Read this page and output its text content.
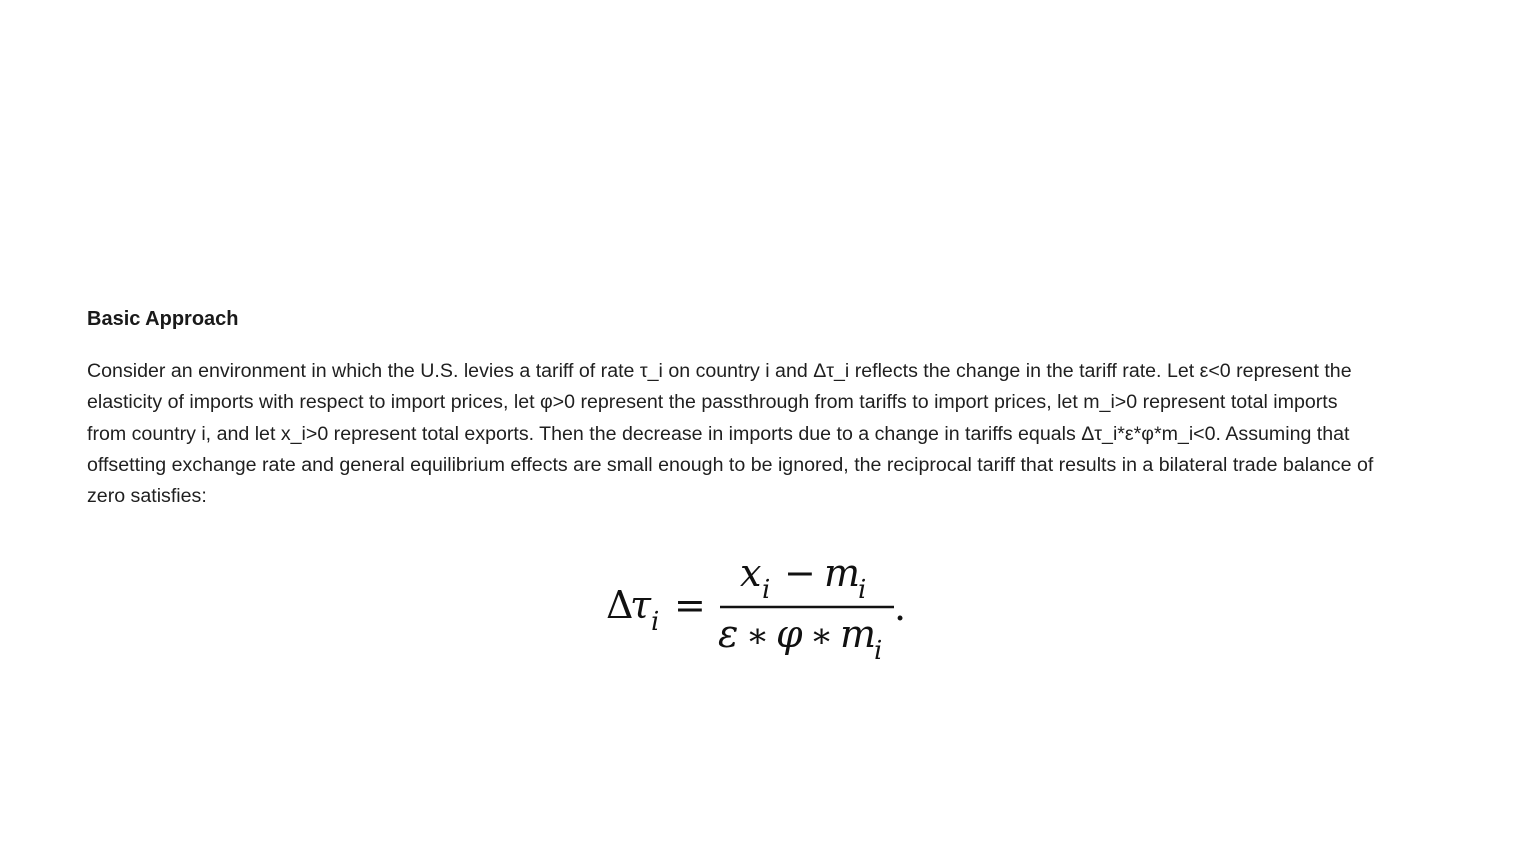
Basic Approach
Consider an environment in which the U.S. levies a tariff of rate τ_i on country i and Δτ_i reflects the change in the tariff rate. Let ε<0 represent the
elasticity of imports with respect to import prices, let φ>0 represent the passthrough from tariffs to import prices, let m_i>0 represent total imports
from country i, and let x_i>0 represent total exports. Then the decrease in imports due to a change in tariffs equals Δτ_i*ε*φ*m_i<0. Assuming that
offsetting exchange rate and general equilibrium effects are small enough to be ignored, the reciprocal tariff that results in a bilateral trade balance of
zero satisfies:
Δ
τ i =
x i − m
i
ε ∗ φ ∗ m
i
.
